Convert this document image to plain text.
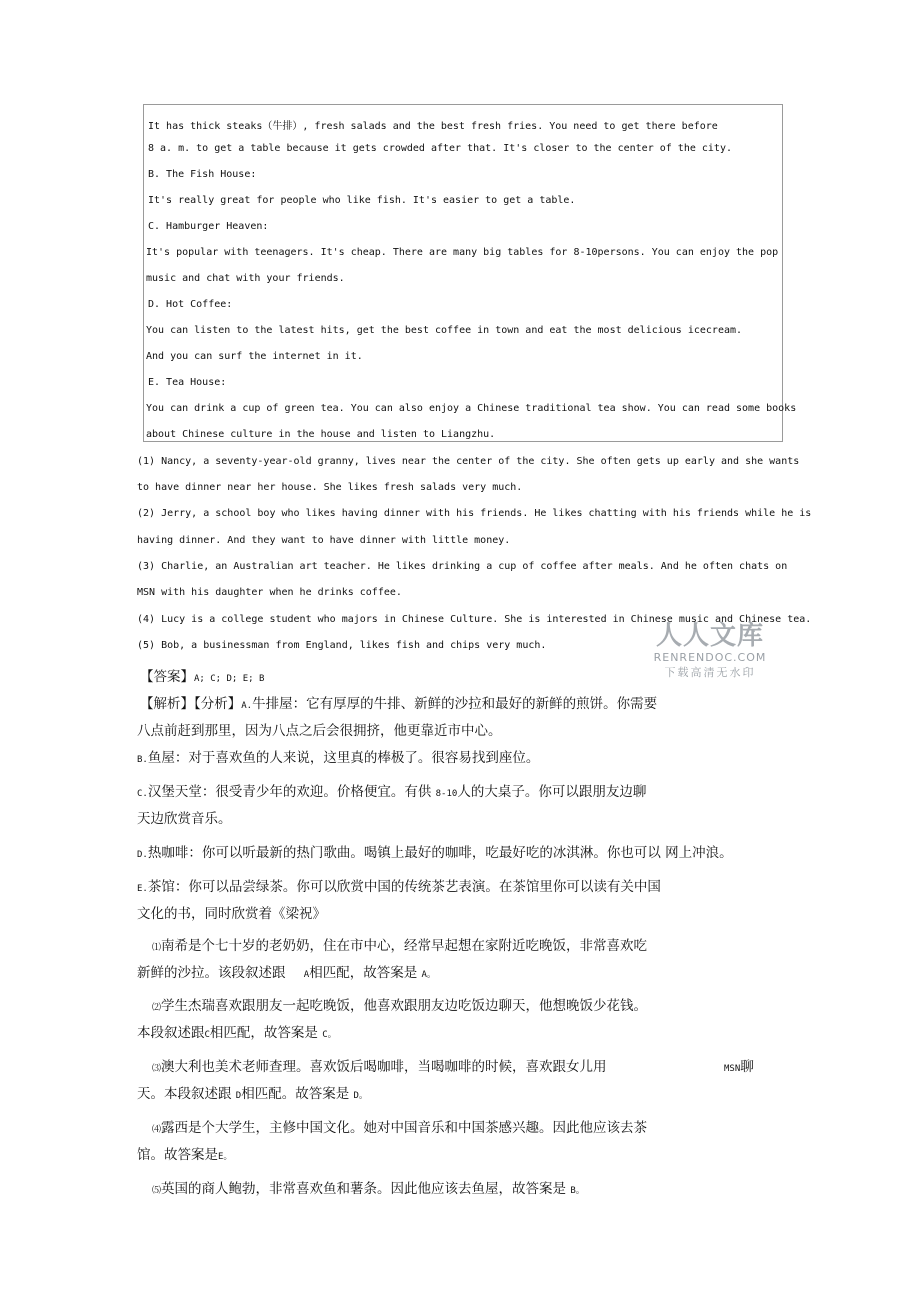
It has thick steaks（牛排）, fresh salads and the best fresh fries. You need to get there before
8 a. m. to get a table because it gets crowded after that. It's closer to the center of the city.
B. The Fish House:
It's really great for people who like fish. It's easier to get a table.
C. Hamburger Heaven:
It's popular with teenagers. It's cheap. There are many big tables for 8-10persons. You can enjoy the pop
music and chat with your friends.
D. Hot Coffee:
You can listen to the latest hits, get the best coffee in town and eat the most delicious icecream.
And you can surf the internet in it.
E. Tea House:
You can drink a cup of green tea. You can also enjoy a Chinese traditional tea show. You can read some books
about Chinese culture in the house and listen to Liangzhu.
(1) Nancy, a seventy-year-old granny, lives near the center of the city. She often gets up early and she wants
to have dinner near her house. She likes fresh salads very much.
(2) Jerry, a school boy who likes having dinner with his friends. He likes chatting with his friends while he is
having dinner. And they want to have dinner with little money.
(3) Charlie, an Australian art teacher. He likes drinking a cup of coffee after meals. And he often chats on
MSN with his daughter when he drinks coffee.
(4) Lucy is a college student who majors in Chinese Culture. She is interested in Chinese music and Chinese tea.
(5) Bob, a businessman from England, likes fish and chips very much.	人人文库
RENRENDOC.COM
下载高清无水印
【答案】A; C; D; E; B
【解析】【分析】A.牛排屋：它有厚厚的牛排、新鲜的沙拉和最好的新鲜的煎饼。你需要
八点前赶到那里，因为八点之后会很拥挤，他更靠近市中心。
B.鱼屋：对于喜欢鱼的人来说，这里真的棒极了。很容易找到座位。
C.汉堡天堂：很受青少年的欢迎。价格便宜。有供 8-10人的大桌子。你可以跟朋友边聊
天边欣赏音乐。
D.热咖啡：你可以听最新的热门歌曲。喝镇上最好的咖啡，吃最好吃的冰淇淋。你也可以 网上冲浪。
E.茶馆：你可以品尝绿茶。你可以欣赏中国的传统茶艺表演。在茶馆里你可以读有关中国
文化的书，同时欣赏着《梁祝》
⑴南希是个七十岁的老奶奶，住在市中心，经常早起想在家附近吃晚饭，非常喜欢吃
新鲜的沙拉。该段叙述跟 A相匹配，故答案是 A。
⑵学生杰瑞喜欢跟朋友一起吃晚饭，他喜欢跟朋友边吃饭边聊天，他想晚饭少花钱。
本段叙述跟C相匹配，故答案是 C。
⑶澳大利也美术老师查理。喜欢饭后喝咖啡，当喝咖啡的时候，喜欢跟女儿用	MSN聊
天。本段叙述跟 D相匹配。故答案是 D。
⑷露西是个大学生，主修中国文化。她对中国音乐和中国茶感兴趣。因此他应该去茶
馆。故答案是E。
⑸英国的商人鲍勃，非常喜欢鱼和薯条。因此他应该去鱼屋，故答案是 B。
